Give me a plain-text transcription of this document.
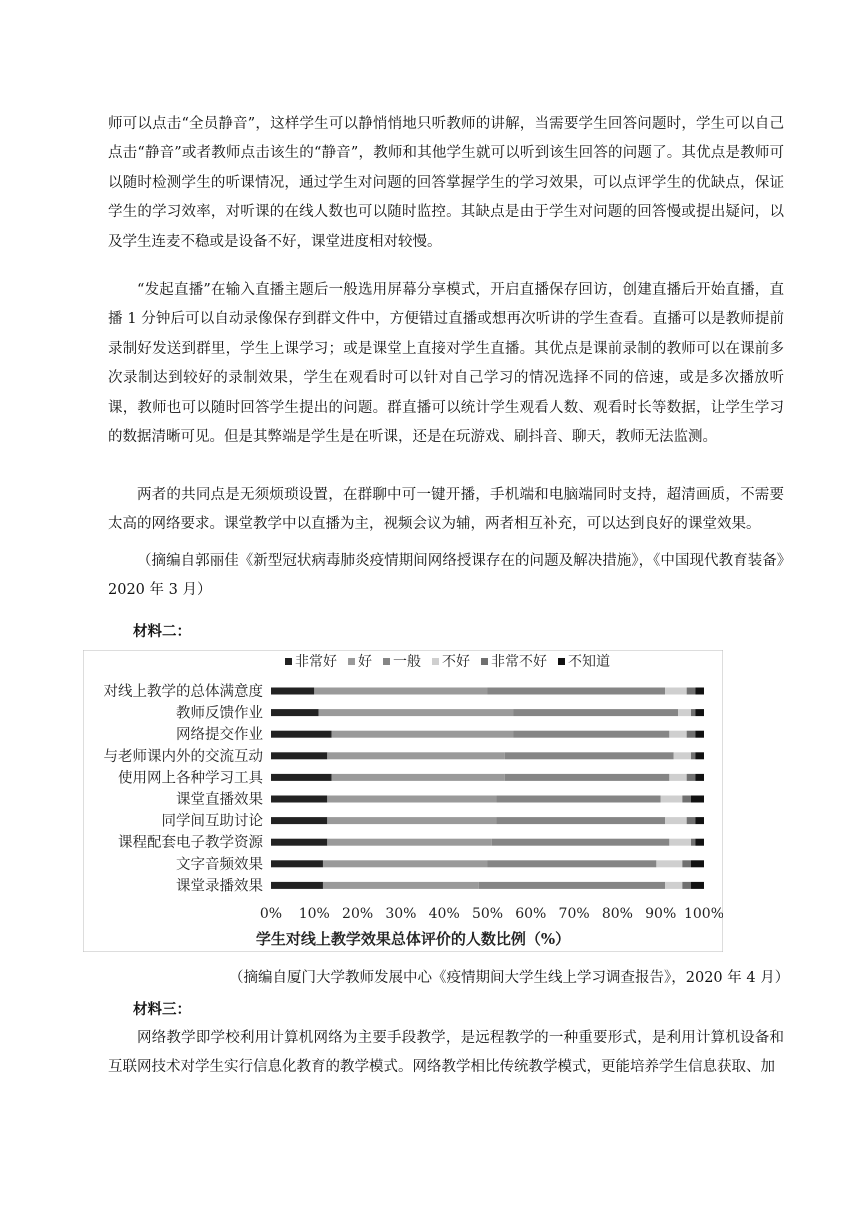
师可以点击“全员静音”，这样学生可以静悄悄地只听教师的讲解，当需要学生回答问题时，学生可以自己点击“静音”或者教师点击该生的“静音”，教师和其他学生就可以听到该生回答的问题了。其优点是教师可以随时检测学生的听课情况，通过学生对问题的回答掌握学生的学习效果，可以点评学生的优缺点，保证学生的学习效率，对听课的在线人数也可以随时监控。其缺点是由于学生对问题的回答慢或提出疑问，以及学生连麦不稳或是设备不好，课堂进度相对较慢。

“发起直播”在输入直播主题后一般选用屏幕分享模式，开启直播保存回访，创建直播后开始直播，直播 1 分钟后可以自动录像保存到群文件中，方便错过直播或想再次听讲的学生查看。直播可以是教师提前录制好发送到群里，学生上课学习；或是课堂上直接对学生直播。其优点是课前录制的教师可以在课前多次录制达到较好的录制效果，学生在观看时可以针对自己学习的情况选择不同的倍速，或是多次播放听课，教师也可以随时回答学生提出的问题。群直播可以统计学生观看人数、观看时长等数据，让学生学习的数据清晰可见。但是其弊端是学生是在听课，还是在玩游戏、刷抖音、聊天，教师无法监测。

两者的共同点是无须烦琐设置，在群聊中可一键开播，手机端和电脑端同时支持，超清画质，不需要太高的网络要求。课堂教学中以直播为主，视频会议为辅，两者相互补充，可以达到良好的课堂效果。

（摘编自郭丽佳《新型冠状病毒肺炎疫情期间网络授课存在的问题及解决措施》，《中国现代教育装备》2020 年 3 月）

材料二：
非常好 好 一般 不好 非常不好 不知道
对线上教学的总体满意度
教师反馈作业
网络提交作业
与老师课内外的交流互动
使用网上各种学习工具
课堂直播效果
同学间互助讨论
课程配套电子教学资源
文字音频效果
课堂录播效果
0% 10% 20% 30% 40% 50% 60% 70% 80% 90% 100%
学生对线上教学效果总体评价的人数比例（%）
（摘编自厦门大学教师发展中心《疫情期间大学生线上学习调查报告》，2020 年 4 月）
材料三：

网络教学即学校利用计算机网络为主要手段教学，是远程教学的一种重要形式，是利用计算机设备和互联网技术对学生实行信息化教育的教学模式。网络教学相比传统教学模式，更能培养学生信息获取、加
